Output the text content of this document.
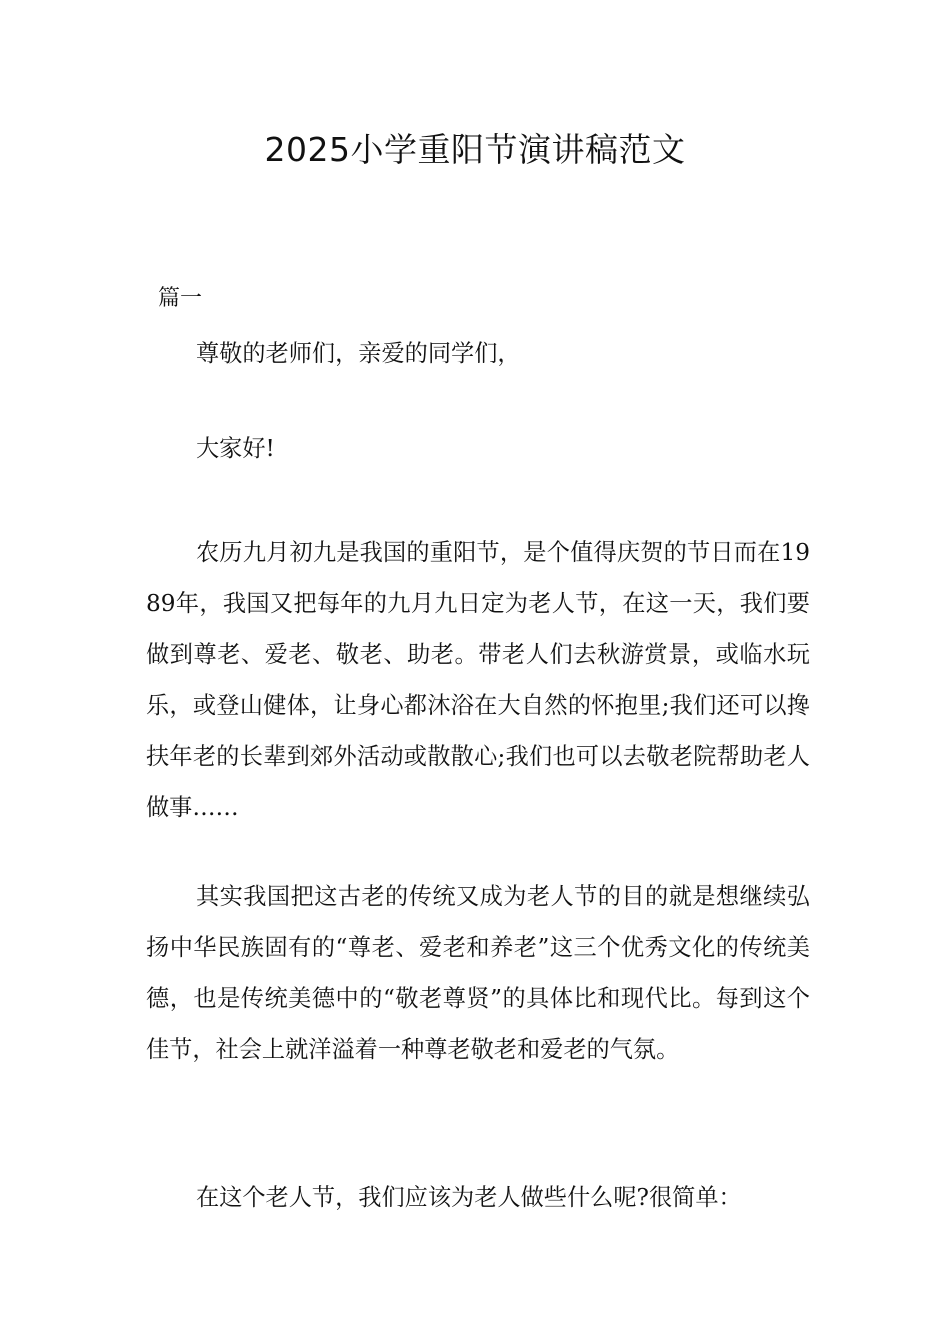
2025小学重阳节演讲稿范文
篇一

尊敬的老师们，亲爱的同学们，

大家好!

农历九月初九是我国的重阳节，是个值得庆贺的节日而在1989年，我国又把每年的九月九日定为老人节，在这一天，我们要做到尊老、爱老、敬老、助老。带老人们去秋游赏景，或临水玩乐，或登山健体，让身心都沐浴在大自然的怀抱里;我们还可以搀扶年老的长辈到郊外活动或散散心;我们也可以去敬老院帮助老人做事……

其实我国把这古老的传统又成为老人节的目的就是想继续弘扬中华民族固有的“尊老、爱老和养老”这三个优秀文化的传统美德，也是传统美德中的“敬老尊贤”的具体比和现代比。每到这个佳节，社会上就洋溢着一种尊老敬老和爱老的气氛。

在这个老人节，我们应该为老人做些什么呢?很简单：
